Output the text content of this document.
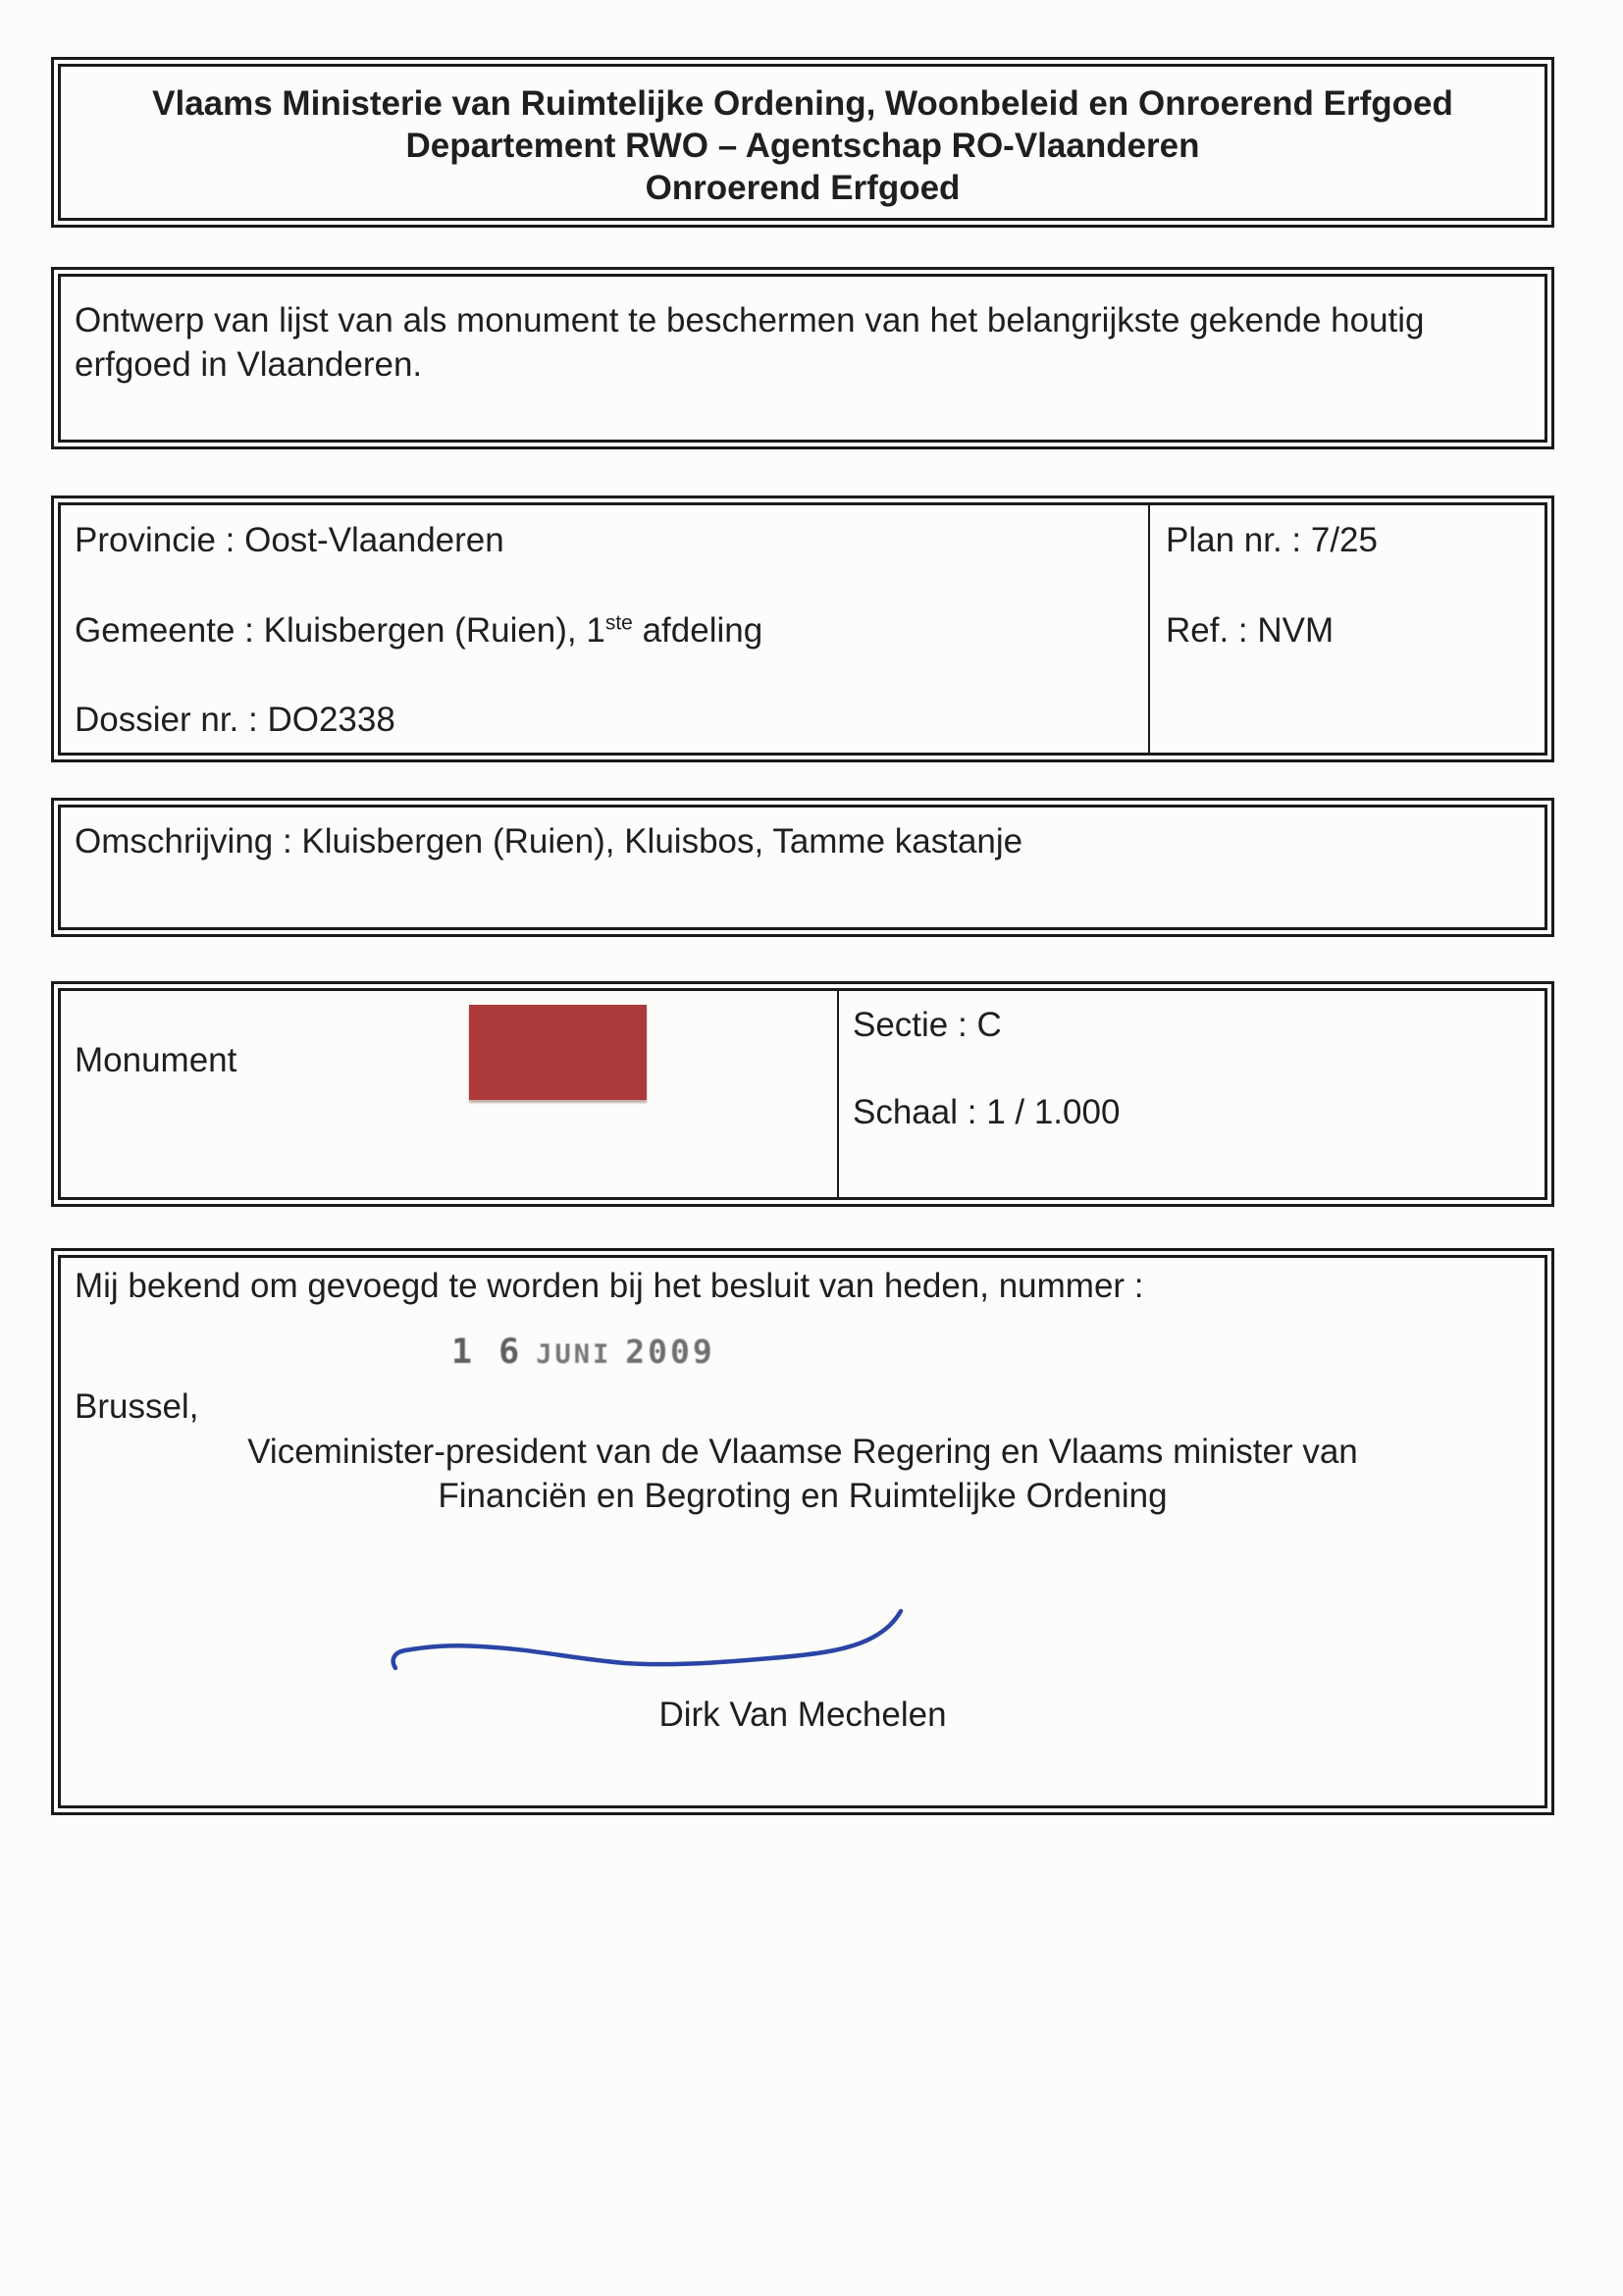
Vlaams Ministerie van Ruimtelijke Ordening, Woonbeleid en Onroerend Erfgoed
Departement RWO – Agentschap RO-Vlaanderen
Onroerend Erfgoed
Ontwerp van lijst van als monument te beschermen van het belangrijkste gekende houtig erfgoed in Vlaanderen.
Provincie : Oost-Vlaanderen
Gemeente : Kluisbergen (Ruien), 1ste afdeling
Dossier nr. : DO2338
Plan nr. : 7/25
Ref. : NVM
Omschrijving : Kluisbergen (Ruien), Kluisbos, Tamme kastanje
Monument
Sectie : C
Schaal : 1 / 1.000
Mij bekend om gevoegd te worden bij het besluit van heden, nummer :
1 6 JUNI 2009
Brussel,
Viceminister-president van de Vlaamse Regering en Vlaams minister van
Financiën en Begroting en Ruimtelijke Ordening
Dirk Van Mechelen
